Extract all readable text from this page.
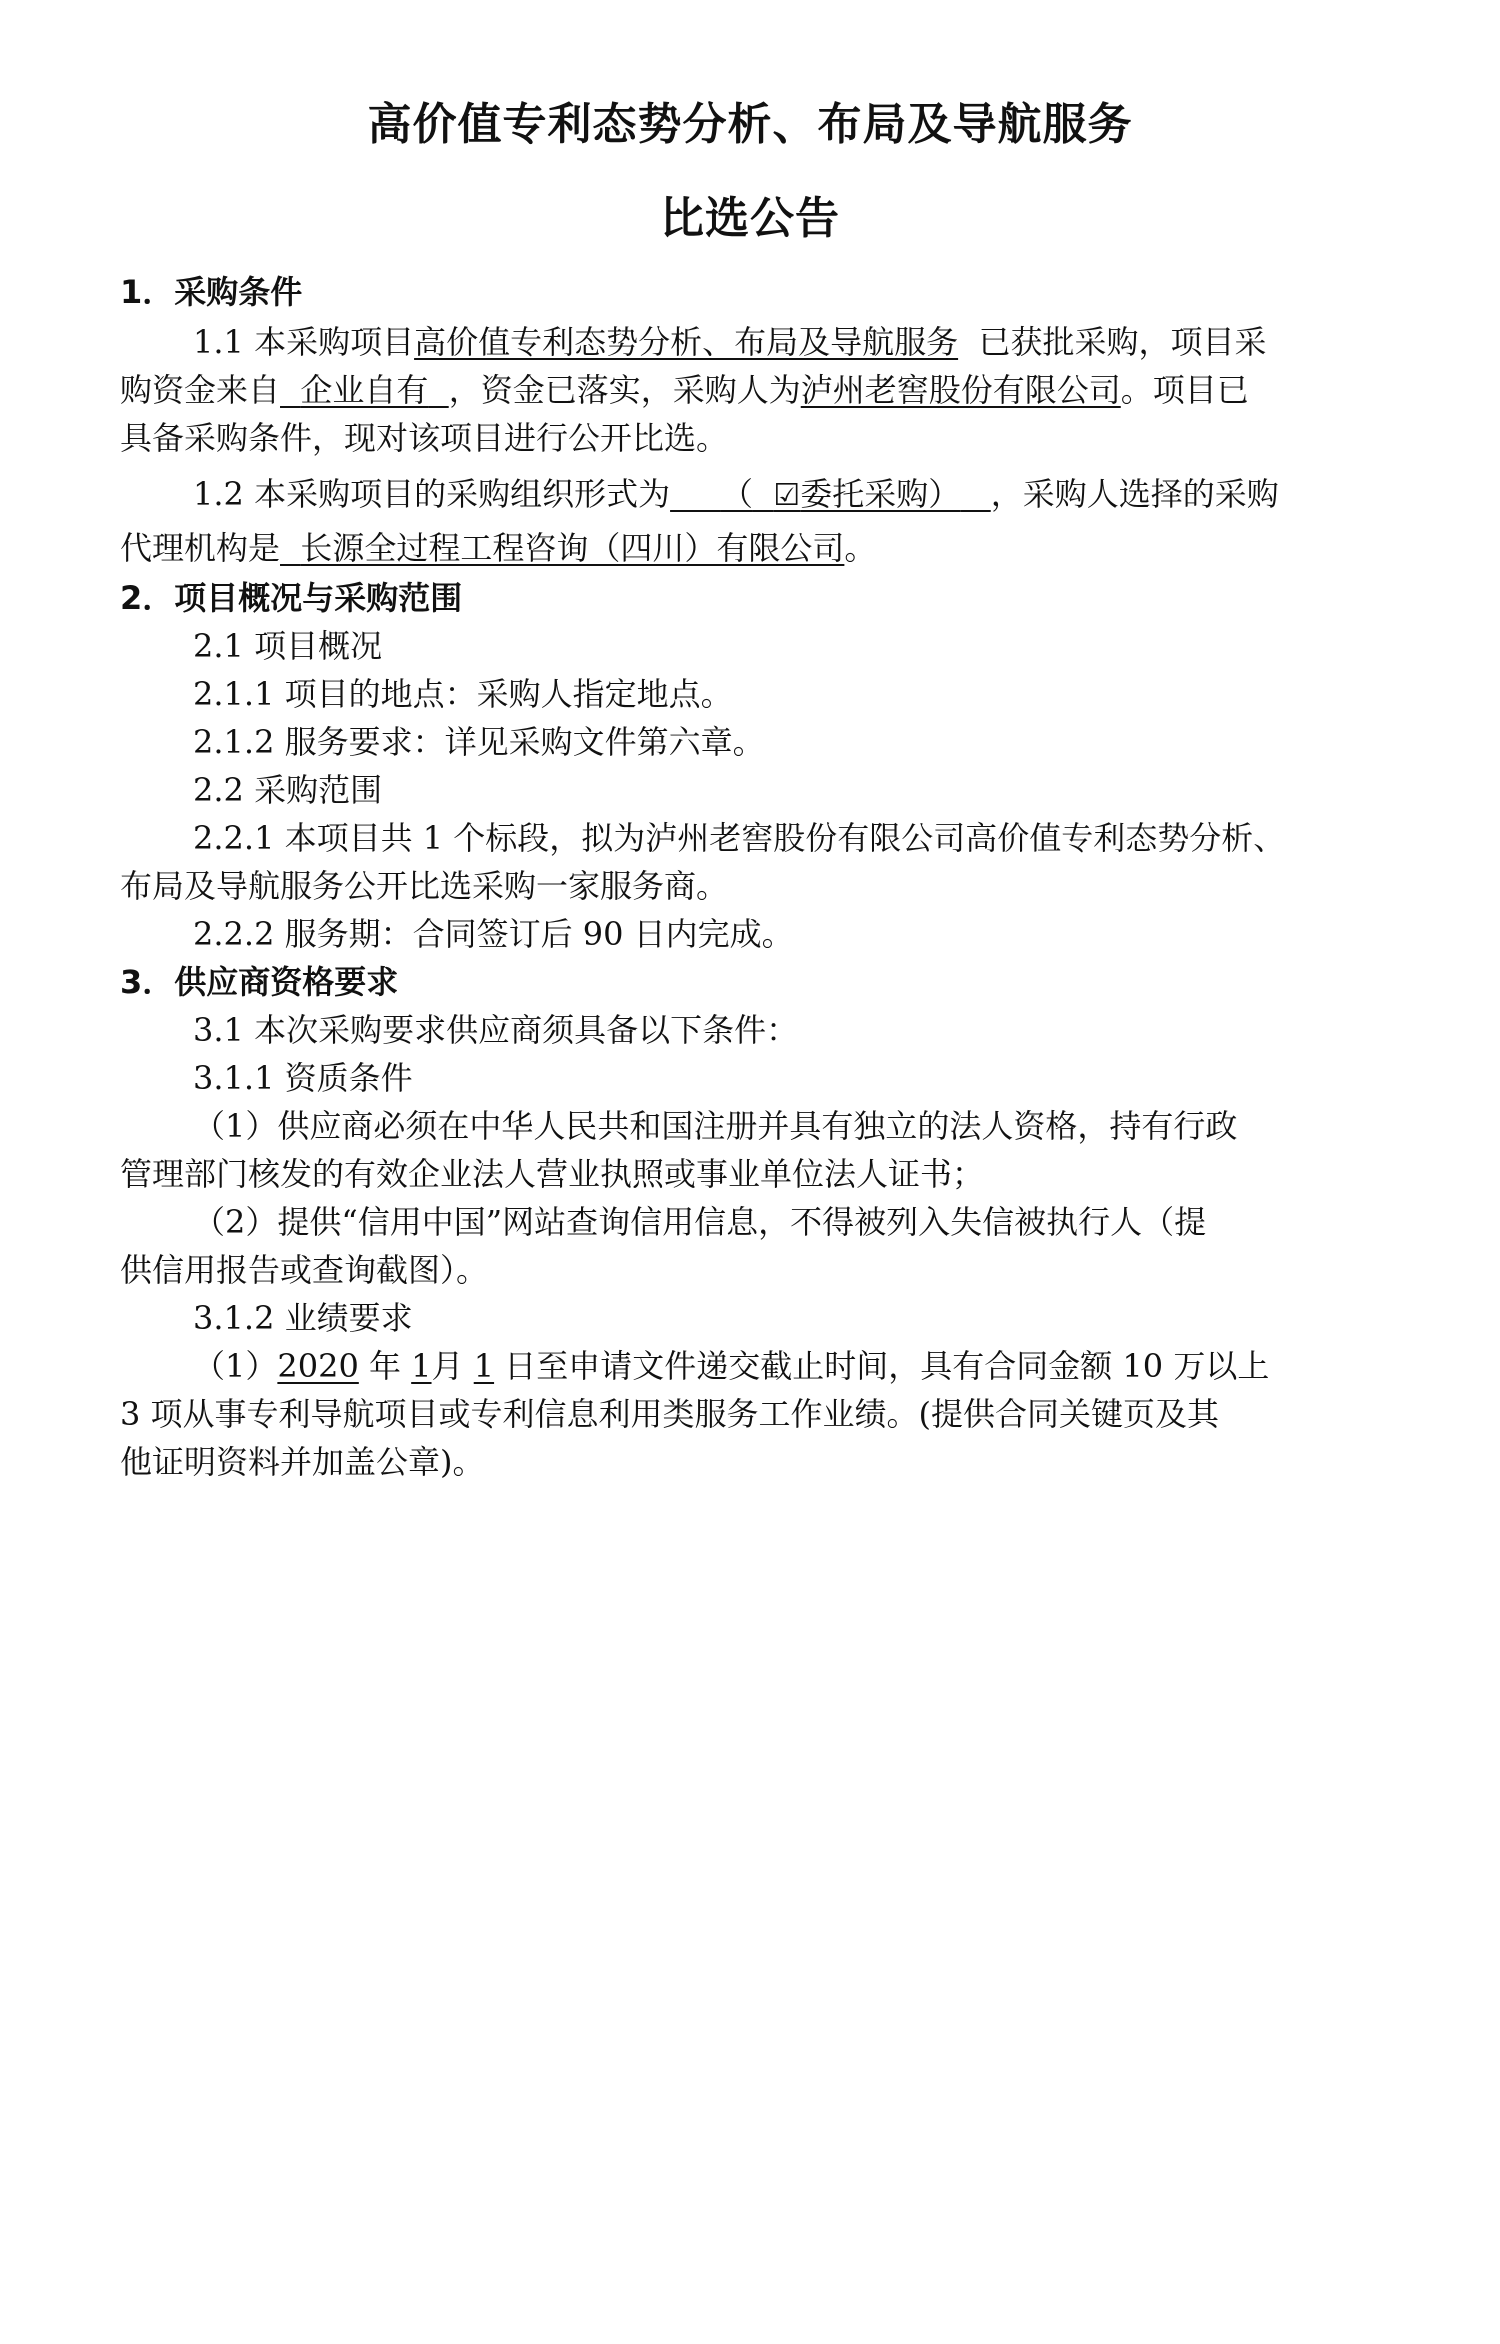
高价值专利态势分析、布局及导航服务
比选公告
1．采购条件
1.1 本采购项目高价值专利态势分析、布局及导航服务 已获批采购，项目采
购资金来自 企业自有 ，资金已落实，采购人为泸州老窖股份有限公司。项目已
具备采购条件，现对该项目进行公开比选。
1.2 本采购项目的采购组织形式为 （ ☑委托采购） ，采购人选择的采购
代理机构是 长源全过程工程咨询（四川）有限公司。
2．项目概况与采购范围
2.1 项目概况
2.1.1 项目的地点：采购人指定地点。
2.1.2 服务要求：详见采购文件第六章。
2.2 采购范围
2.2.1 本项目共 1 个标段，拟为泸州老窖股份有限公司高价值专利态势分析、
布局及导航服务公开比选采购一家服务商。
2.2.2 服务期：合同签订后 90 日内完成。
3．供应商资格要求
3.1 本次采购要求供应商须具备以下条件：
3.1.1 资质条件
（1）供应商必须在中华人民共和国注册并具有独立的法人资格，持有行政
管理部门核发的有效企业法人营业执照或事业单位法人证书；
（2）提供“信用中国”网站查询信用信息，不得被列入失信被执行人（提
供信用报告或查询截图）。
3.1.2 业绩要求
（1）2020 年 1月 1 日至申请文件递交截止时间，具有合同金额 10 万以上
3 项从事专利导航项目或专利信息利用类服务工作业绩。(提供合同关键页及其
他证明资料并加盖公章)。
